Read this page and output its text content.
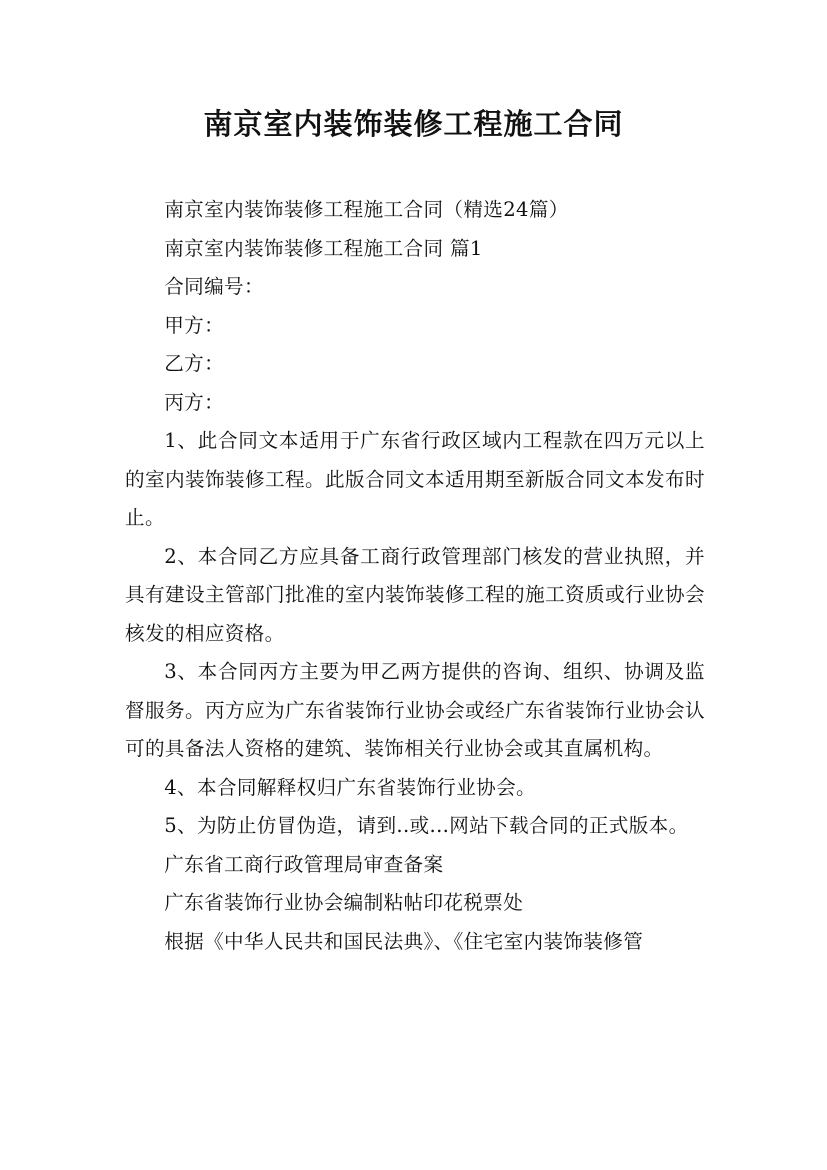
南京室内装饰装修工程施工合同

南京室内装饰装修工程施工合同（精选24篇）

南京室内装饰装修工程施工合同 篇1

合同编号：

甲方：

乙方：

丙方：

1、此合同文本适用于广东省行政区域内工程款在四万元以上的室内装饰装修工程。此版合同文本适用期至新版合同文本发布时止。

2、本合同乙方应具备工商行政管理部门核发的营业执照，并具有建设主管部门批准的室内装饰装修工程的施工资质或行业协会核发的相应资格。

3、本合同丙方主要为甲乙两方提供的咨询、组织、协调及监督服务。丙方应为广东省装饰行业协会或经广东省装饰行业协会认可的具备法人资格的建筑、装饰相关行业协会或其直属机构。

4、本合同解释权归广东省装饰行业协会。

5、为防止仿冒伪造，请到..或...网站下载合同的正式版本。

广东省工商行政管理局审查备案

广东省装饰行业协会编制粘帖印花税票处

根据《中华人民共和国民法典》、《住宅室内装饰装修管
